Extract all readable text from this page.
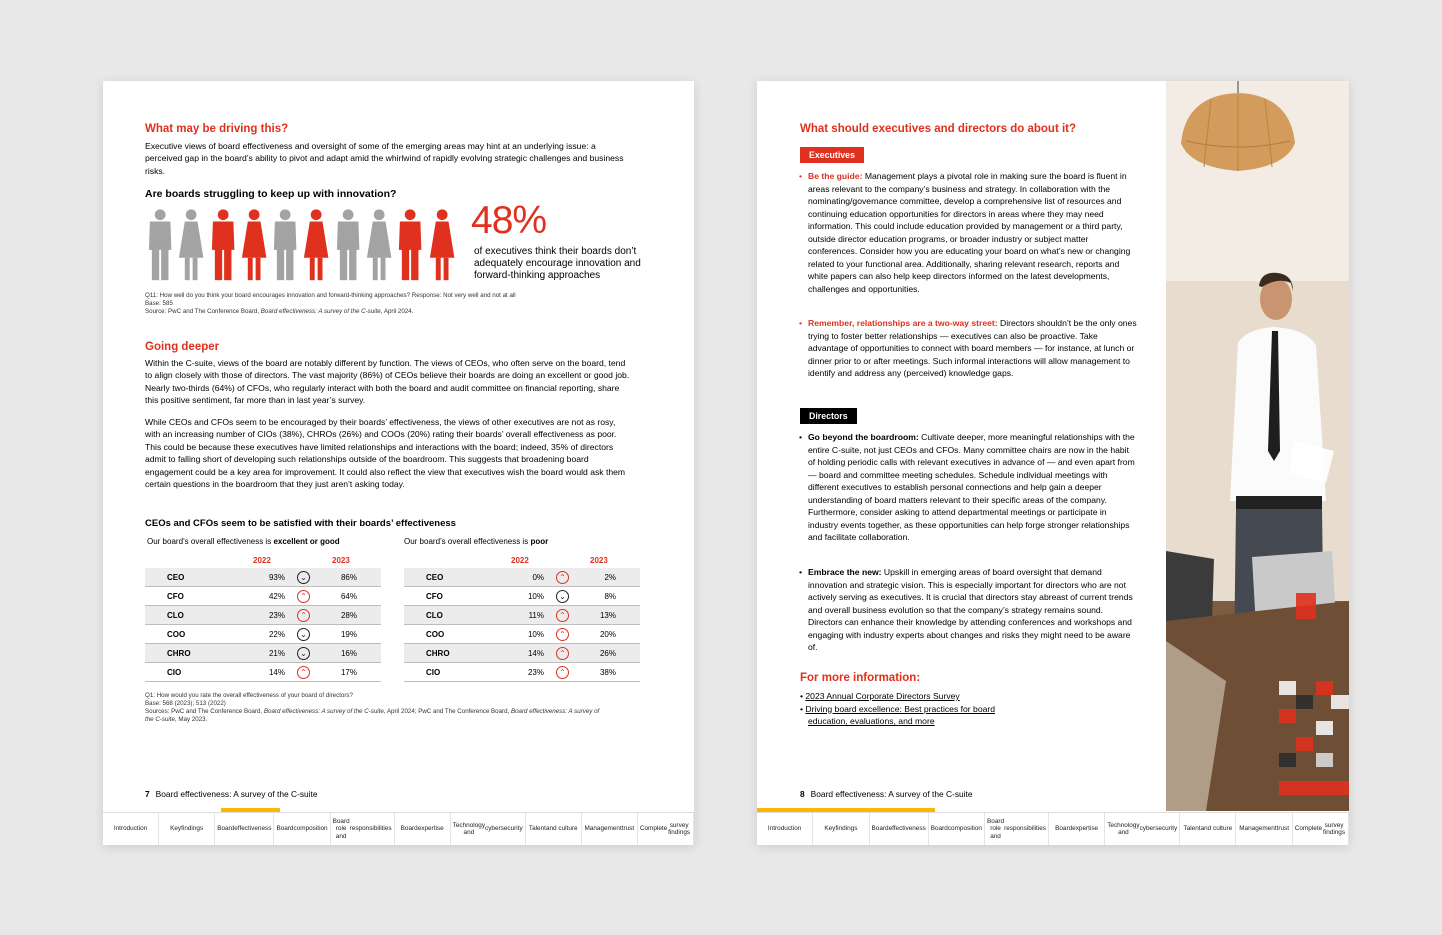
What may be driving this?
Executive views of board effectiveness and oversight of some of the emerging areas may hint at an underlying issue: a perceived gap in the board’s ability to pivot and adapt amid the whirlwind of rapidly evolving strategic challenges and business risks.
Are boards struggling to keep up with innovation?
48%
of executives think their boards don’t adequately encourage innovation and forward-thinking approaches
Q11: How well do you think your board encourages innovation and forward-thinking approaches? Response: Not very well and not at all
Base: 585
Source: PwC and The Conference Board, Board effectiveness: A survey of the C-suite, April 2024.
Going deeper
Within the C-suite, views of the board are notably different by function. The views of CEOs, who often serve on the board, tend to align closely with those of directors. The vast majority (86%) of CEOs believe their boards are doing an excellent or good job. Nearly two-thirds (64%) of CFOs, who regularly interact with both the board and audit committee on financial reporting, share this positive sentiment, far more than in last year’s survey.
While CEOs and CFOs seem to be encouraged by their boards’ effectiveness, the views of other executives are not as rosy, with an increasing number of CIOs (38%), CHROs (26%) and COOs (20%) rating their boards’ overall effectiveness as poor. This could be because these executives have limited relationships and interactions with the board; indeed, 35% of directors admit to falling short of developing such relationships outside of the boardroom. This suggests that broadening board engagement could be a key area for improvement. It could also reflect the view that executives wish the board would ask them certain questions in the boardroom that they just aren’t asking today.
CEOs and CFOs seem to be satisfied with their boards’ effectiveness
Our board’s overall effectiveness is excellent or good	Our board’s overall effectiveness is poor
2022	2023	2022	2023
CEO	93%	⌄	86%
CFO	42%	⌃	64%
CLO	23%	⌃	28%
COO	22%	⌄	19%
CHRO	21%	⌄	16%
CIO	14%	⌃	17%
CEO	0%	⌃	2%
CFO	10%	⌄	8%
CLO	11%	⌃	13%
COO	10%	⌃	20%
CHRO	14%	⌃	26%
CIO	23%	⌃	38%
Q1: How would you rate the overall effectiveness of your board of directors?
Base: 568 (2023); 513 (2022)
Sources: PwC and The Conference Board, Board effectiveness: A survey of the C-suite, April 2024; PwC and The Conference Board, Board effectiveness: A survey of
the C-suite, May 2023.
7 Board effectiveness: A survey of the C-suite
Introduction	Key findings Board effectiveness Board composition
Board role and

responsibilities Board expertise
Technology and

cybersecurity Talent and culture Management trust Complete

survey findings
What should executives and directors do about it?
Executives
• Be the guide: Management plays a pivotal role in making sure the board is fluent in areas relevant to the company’s business and strategy. In collaboration with the nominating/governance committee, develop a comprehensive list of resources and continuing education opportunities for directors in areas where they may need information. This could include education provided by management or a third party, outside director education programs, or broader industry or subject matter conferences. Consider how you are educating your board on what’s new or changing related to your functional area. Additionally, sharing relevant research, reports and white papers can also help keep directors informed on the latest developments, challenges and opportunities.
• Remember, relationships are a two-way street: Directors shouldn’t be the only ones trying to foster better relationships — executives can also be proactive. Take advantage of opportunities to connect with board members — for instance, at lunch or dinner prior to or after meetings. Such informal interactions will allow management to identify and address any (perceived) knowledge gaps.
Directors
• Go beyond the boardroom: Cultivate deeper, more meaningful relationships with the entire C-suite, not just CEOs and CFOs. Many committee chairs are now in the habit of holding periodic calls with relevant executives in advance of — and even apart from — board and committee meeting schedules. Schedule individual meetings with different executives to establish personal connections and help gain a deeper understanding of board matters relevant to their specific areas of the company. Furthermore, consider asking to attend departmental meetings or participate in industry events together, as these opportunities can help forge stronger relationships and facilitate collaboration.
• Embrace the new: Upskill in emerging areas of board oversight that demand innovation and strategic vision. This is especially important for directors who are not actively serving as executives. It is crucial that directors stay abreast of current trends and overall business evolution so that the company’s strategy remains sound. Directors can enhance their knowledge by attending conferences and workshops and engaging with industry experts about changes and risks they might need to be aware of.
For more information:
• 2023 Annual Corporate Directors Survey
• Driving board excellence: Best practices for board
education, evaluations, and more
8 Board effectiveness: A survey of the C-suite
Introduction	Key findings Board effectiveness Board composition
Board role and

responsibilities Board expertise
Technology and

cybersecurity Talent and culture Management trust Complete

survey findings
